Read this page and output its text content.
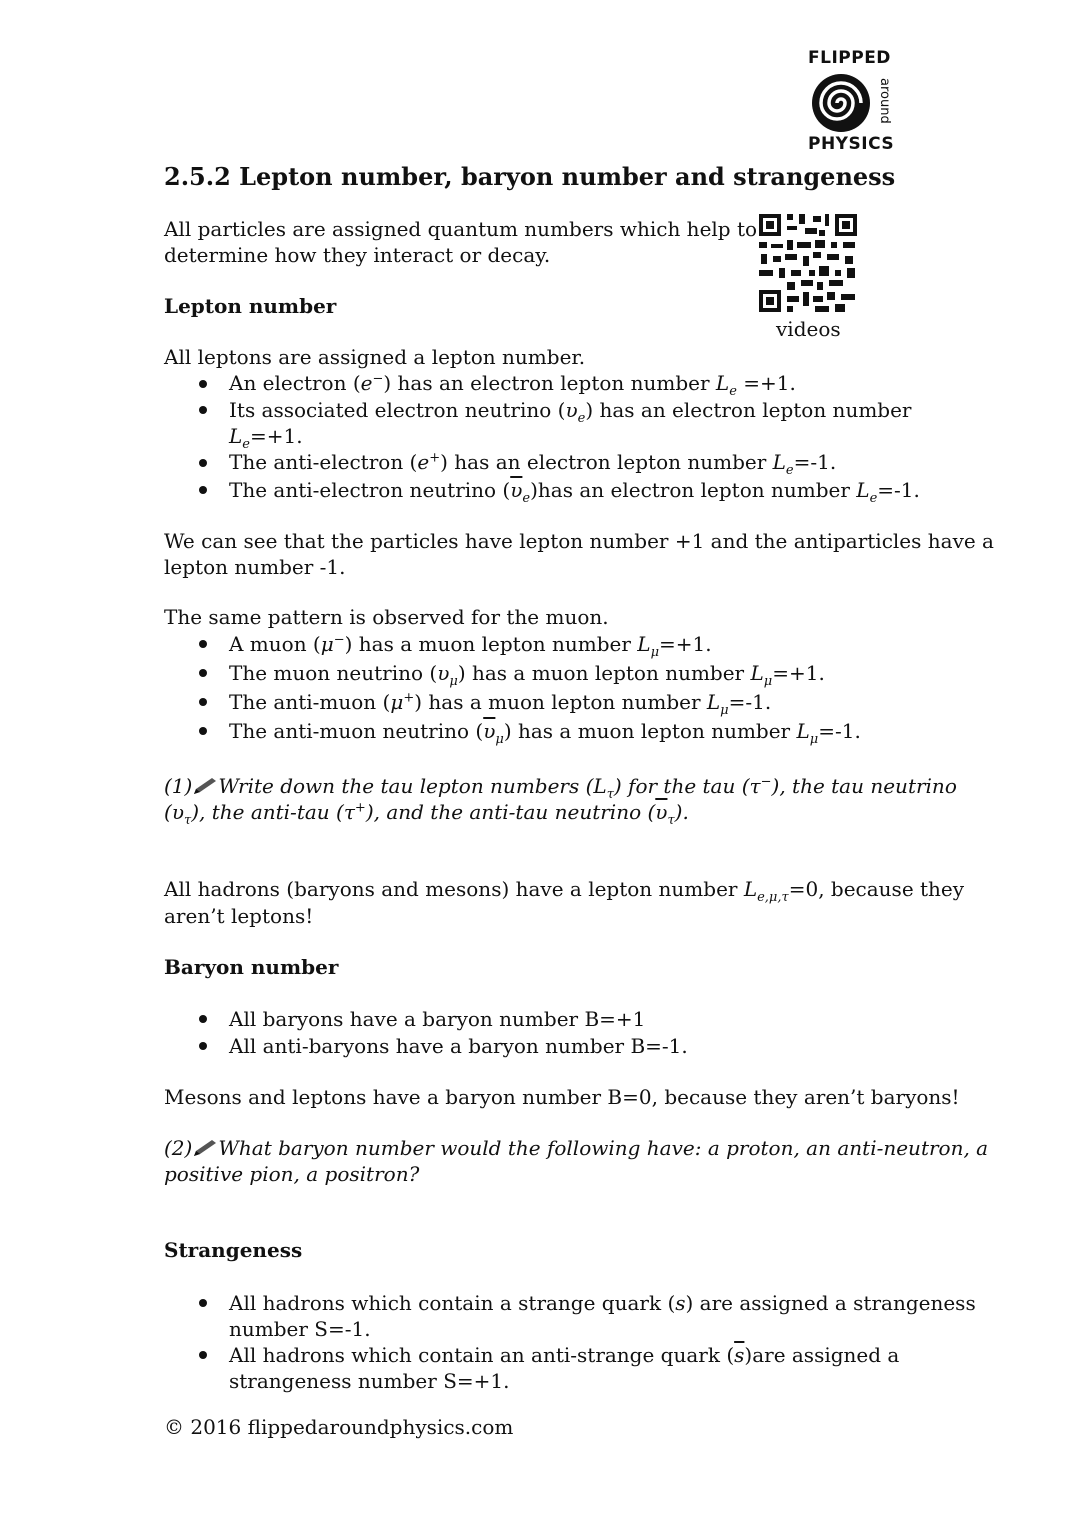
FLIPPED
around
PHYSICS
2.5.2 Lepton number, baryon number and strangeness
videos
All particles are assigned quantum numbers which help to
determine how they interact or decay.
Lepton number
All leptons are assigned a lepton number.
An electron (e−) has an electron lepton number $L_e =+1$.
Its associated electron neutrino $(\upsilon_e)$ has an electron lepton number
$L_e=+1$.
The anti-electron (e+) has an electron lepton number $L_e=-1$.
The anti-electron neutrino $(\overline{\upsilon}_e)has$ an electron lepton number $L_e=-1$.
We can see that the particles have lepton number +1 and the antiparticles have a
lepton number -1.
The same pattern is observed for the muon.
A muon (μ−) has a muon lepton number $L_\mu=+1$.
The muon neutrino $(\upsilon_\mu)$ has a muon lepton number $L_\mu=+1$.
The anti-muon (μ+) has a muon lepton number $L_\mu=-1$.
The anti-muon neutrino $(\overline{\upsilon}_\mu)$ has a muon lepton number $L_\mu=-1$.
(1) Write down the tau lepton numbers $(L_\tau)$ for the tau (τ−), the tau neutrino
$(\upsilon_\tau)$, the anti-tau (τ+), and the anti-tau neutrino $(\overline{\upsilon}_\tau)$.
All hadrons (baryons and mesons) have a lepton number $L_{e,\mu,\tau}=0$, because they
aren’t leptons!
Baryon number
All baryons have a baryon number B=+1
All anti-baryons have a baryon number B=-1.
Mesons and leptons have a baryon number B=0, because they aren’t baryons!
(2) What baryon number would the following have: a proton, an anti-neutron, a
positive pion, a positron?
Strangeness
All hadrons which contain a strange quark (s) are assigned a strangeness
number S=-1.
All hadrons which contain an anti-strange quark $(\overline{s})are$ assigned a
strangeness number S=+1.
© 2016 flippedaroundphysics.com
